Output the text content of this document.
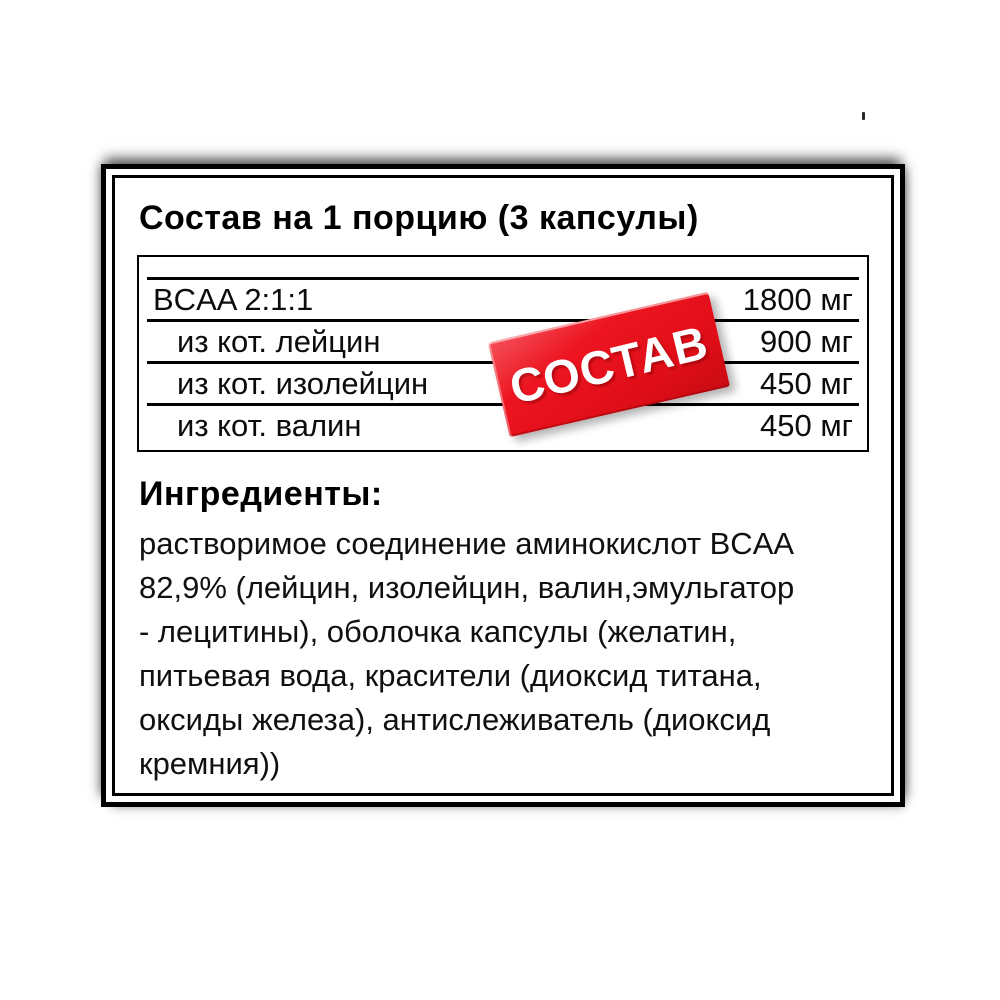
Состав на 1 порцию (3 капсулы)
BCAA 2:1:1	1800 мг
из кот. лейцин	900 мг
из кот. изолейцин	450 мг
из кот. валин	450 мг
Ингредиенты:
растворимое соединение аминокислот BCAA
82,9% (лейцин, изолейцин, валин,эмульгатор
- лецитины), оболочка капсулы (желатин,
питьевая вода, красители (диоксид титана,
оксиды железа), антислеживатель (диоксид
кремния))
СОСТАВ
